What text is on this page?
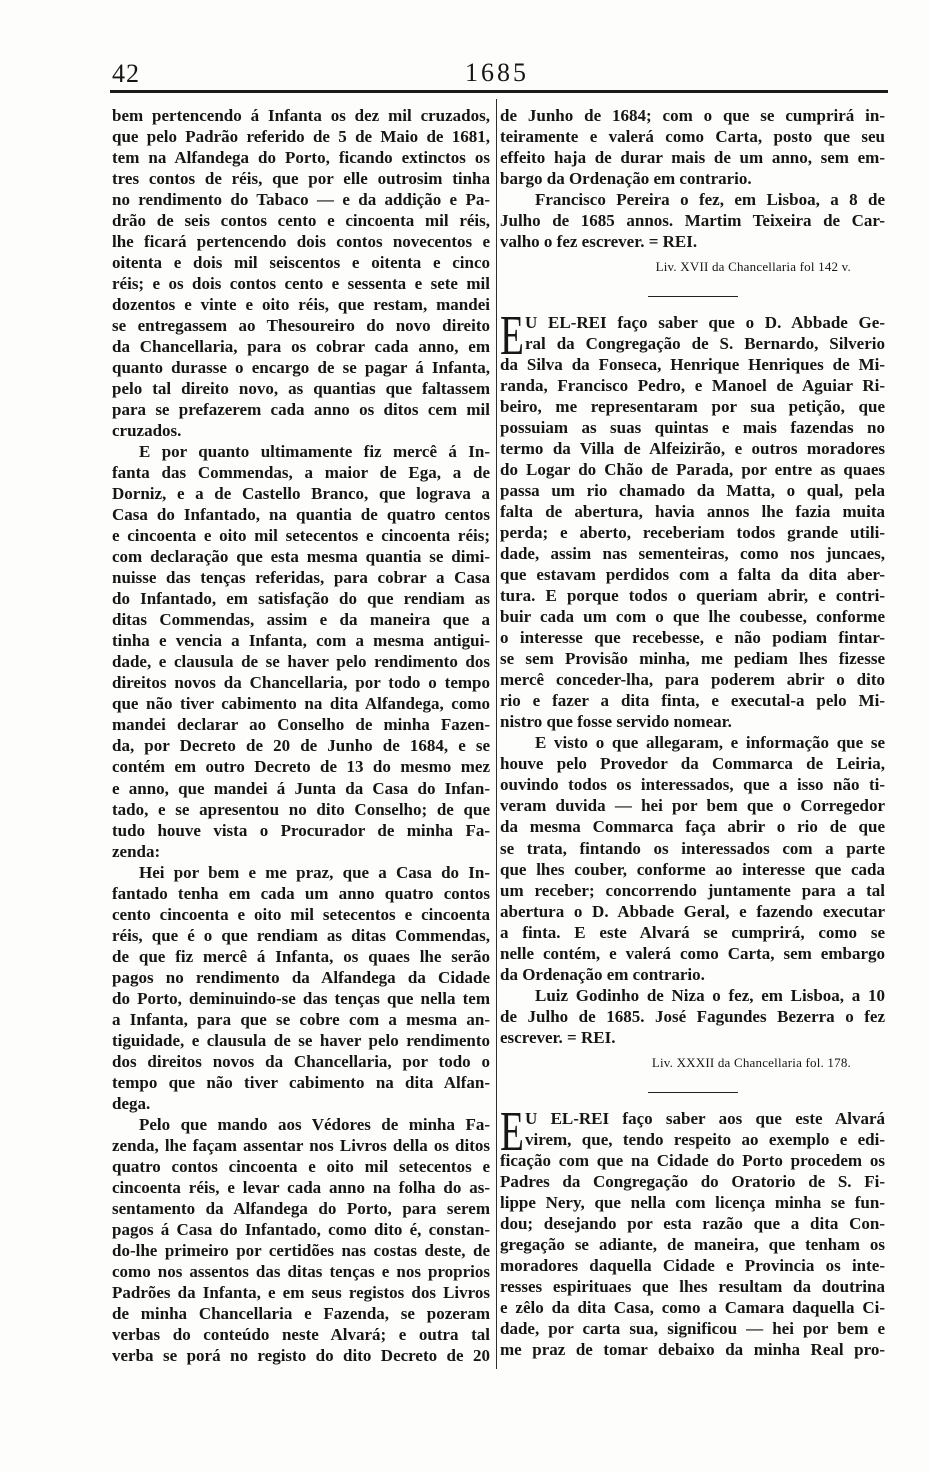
42	1685
bem pertencendo á Infanta os dez mil cruzados,
que pelo Padrão referido de 5 de Maio de 1681,
tem na Alfandega do Porto, ficando extinctos os
tres contos de réis, que por elle outrosim tinha
no rendimento do Tabaco — e da addição e Pa-
drão de seis contos cento e cincoenta mil réis,
lhe ficará pertencendo dois contos novecentos e
oitenta e dois mil seiscentos e oitenta e cinco
réis; e os dois contos cento e sessenta e sete mil
dozentos e vinte e oito réis, que restam, mandei
se entregassem ao Thesoureiro do novo direito
da Chancellaria, para os cobrar cada anno, em
quanto durasse o encargo de se pagar á Infanta,
pelo tal direito novo, as quantias que faltassem
para se prefazerem cada anno os ditos cem mil
cruzados.
E por quanto ultimamente fiz mercê á In-
fanta das Commendas, a maior de Ega, a de
Dorniz, e a de Castello Branco, que lograva a
Casa do Infantado, na quantia de quatro centos
e cincoenta e oito mil setecentos e cincoenta réis;
com declaração que esta mesma quantia se dimi-
nuisse das tenças referidas, para cobrar a Casa
do Infantado, em satisfação do que rendiam as
ditas Commendas, assim e da maneira que a
tinha e vencia a Infanta, com a mesma antigui-
dade, e clausula de se haver pelo rendimento dos
direitos novos da Chancellaria, por todo o tempo
que não tiver cabimento na dita Alfandega, como
mandei declarar ao Conselho de minha Fazen-
da, por Decreto de 20 de Junho de 1684, e se
contém em outro Decreto de 13 do mesmo mez
e anno, que mandei á Junta da Casa do Infan-
tado, e se apresentou no dito Conselho; de que
tudo houve vista o Procurador de minha Fa-
zenda:
Hei por bem e me praz, que a Casa do In-
fantado tenha em cada um anno quatro contos
cento cincoenta e oito mil setecentos e cincoenta
réis, que é o que rendiam as ditas Commendas,
de que fiz mercê á Infanta, os quaes lhe serão
pagos no rendimento da Alfandega da Cidade
do Porto, deminuindo-se das tenças que nella tem
a Infanta, para que se cobre com a mesma an-
tiguidade, e clausula de se haver pelo rendimento
dos direitos novos da Chancellaria, por todo o
tempo que não tiver cabimento na dita Alfan-
dega.
Pelo que mando aos Védores de minha Fa-
zenda, lhe façam assentar nos Livros della os ditos
quatro contos cincoenta e oito mil setecentos e
cincoenta réis, e levar cada anno na folha do as-
sentamento da Alfandega do Porto, para serem
pagos á Casa do Infantado, como dito é, constan-
do-lhe primeiro por certidões nas costas deste, de
como nos assentos das ditas tenças e nos proprios
Padrões da Infanta, e em seus registos dos Livros
de minha Chancellaria e Fazenda, se pozeram
verbas do conteúdo neste Alvará; e outra tal
verba se porá no registo do dito Decreto de 20
de Junho de 1684; com o que se cumprirá in-
teiramente e valerá como Carta, posto que seu
effeito haja de durar mais de um anno, sem em-
bargo da Ordenação em contrario.
Francisco Pereira o fez, em Lisboa, a 8 de
Julho de 1685 annos. Martim Teixeira de Car-
valho o fez escrever. = REI.
Liv. XVII da Chancellaria fol 142 v.
E U EL-REI faço saber que o D. Abbade Ge-
ral da Congregação de S. Bernardo, Silverio
da Silva da Fonseca, Henrique Henriques de Mi-
randa, Francisco Pedro, e Manoel de Aguiar Ri-
beiro, me representaram por sua petição, que
possuiam as suas quintas e mais fazendas no
termo da Villa de Alfeizirão, e outros moradores
do Logar do Chão de Parada, por entre as quaes
passa um rio chamado da Matta, o qual, pela
falta de abertura, havia annos lhe fazia muita
perda; e aberto, receberiam todos grande utili-
dade, assim nas sementeiras, como nos juncaes,
que estavam perdidos com a falta da dita aber-
tura. E porque todos o queriam abrir, e contri-
buir cada um com o que lhe coubesse, conforme
o interesse que recebesse, e não podiam fintar-
se sem Provisão minha, me pediam lhes fizesse
mercê conceder-lha, para poderem abrir o dito
rio e fazer a dita finta, e executal-a pelo Mi-
nistro que fosse servido nomear.
E visto o que allegaram, e informação que se
houve pelo Provedor da Commarca de Leiria,
ouvindo todos os interessados, que a isso não ti-
veram duvida — hei por bem que o Corregedor
da mesma Commarca faça abrir o rio de que
se trata, fintando os interessados com a parte
que lhes couber, conforme ao interesse que cada
um receber; concorrendo juntamente para a tal
abertura o D. Abbade Geral, e fazendo executar
a finta. E este Alvará se cumprirá, como se
nelle contém, e valerá como Carta, sem embargo
da Ordenação em contrario.
Luiz Godinho de Niza o fez, em Lisboa, a 10
de Julho de 1685. José Fagundes Bezerra o fez
escrever. = REI.
Liv. XXXII da Chancellaria fol. 178.
E U EL-REI faço saber aos que este Alvará
virem, que, tendo respeito ao exemplo e edi-
ficação com que na Cidade do Porto procedem os
Padres da Congregação do Oratorio de S. Fi-
lippe Nery, que nella com licença minha se fun-
dou; desejando por esta razão que a dita Con-
gregação se adiante, de maneira, que tenham os
moradores daquella Cidade e Provincia os inte-
resses espirituaes que lhes resultam da doutrina
e zêlo da dita Casa, como a Camara daquella Ci-
dade, por carta sua, significou — hei por bem e
me praz de tomar debaixo da minha Real pro-
